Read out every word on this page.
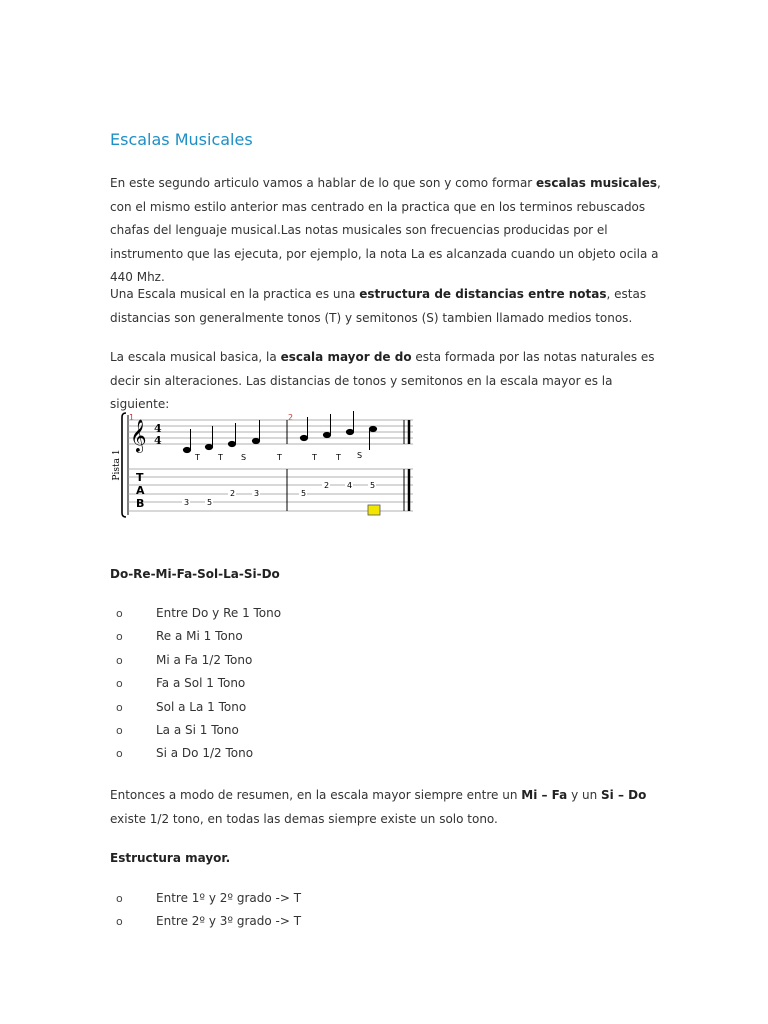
Escalas Musicales

En este segundo articulo vamos a hablar de lo que son y como formar escalas musicales, con el mismo estilo anterior mas centrado en la practica que en los terminos rebuscados chafas del lenguaje musical.Las notas musicales son frecuencias producidas por el instrumento que las ejecuta, por ejemplo, la nota La es alcanzada cuando un objeto ocila a 440 Mhz.

Una Escala musical en la practica es una estructura de distancias entre notas, estas distancias son generalmente tonos (T) y semitonos (S) tambien llamado medios tonos.

La escala musical basica, la escala mayor de do esta formada por las notas naturales es decir sin alteraciones. Las distancias de tonos y semitonos en la escala mayor es la siguiente:

Pista 1
1	2
𝄞 4
4
T T S	T	T T S
T
A
B	3 5
2 3	5
2 4 5
Do-Re-Mi-Fa-Sol-La-Si-Do
o	Entre Do y Re 1 Tono
o	Re a Mi 1 Tono
o	Mi a Fa 1/2 Tono
o	Fa a Sol 1 Tono
o	Sol a La 1 Tono
o	La a Si 1 Tono
o	Si a Do 1/2 Tono

Entonces a modo de resumen, en la escala mayor siempre entre un Mi – Fa y un Si – Do existe 1/2 tono, en todas las demas siempre existe un solo tono.

Estructura mayor.
o	Entre 1º y 2º grado -> T
o	Entre 2º y 3º grado -> T
